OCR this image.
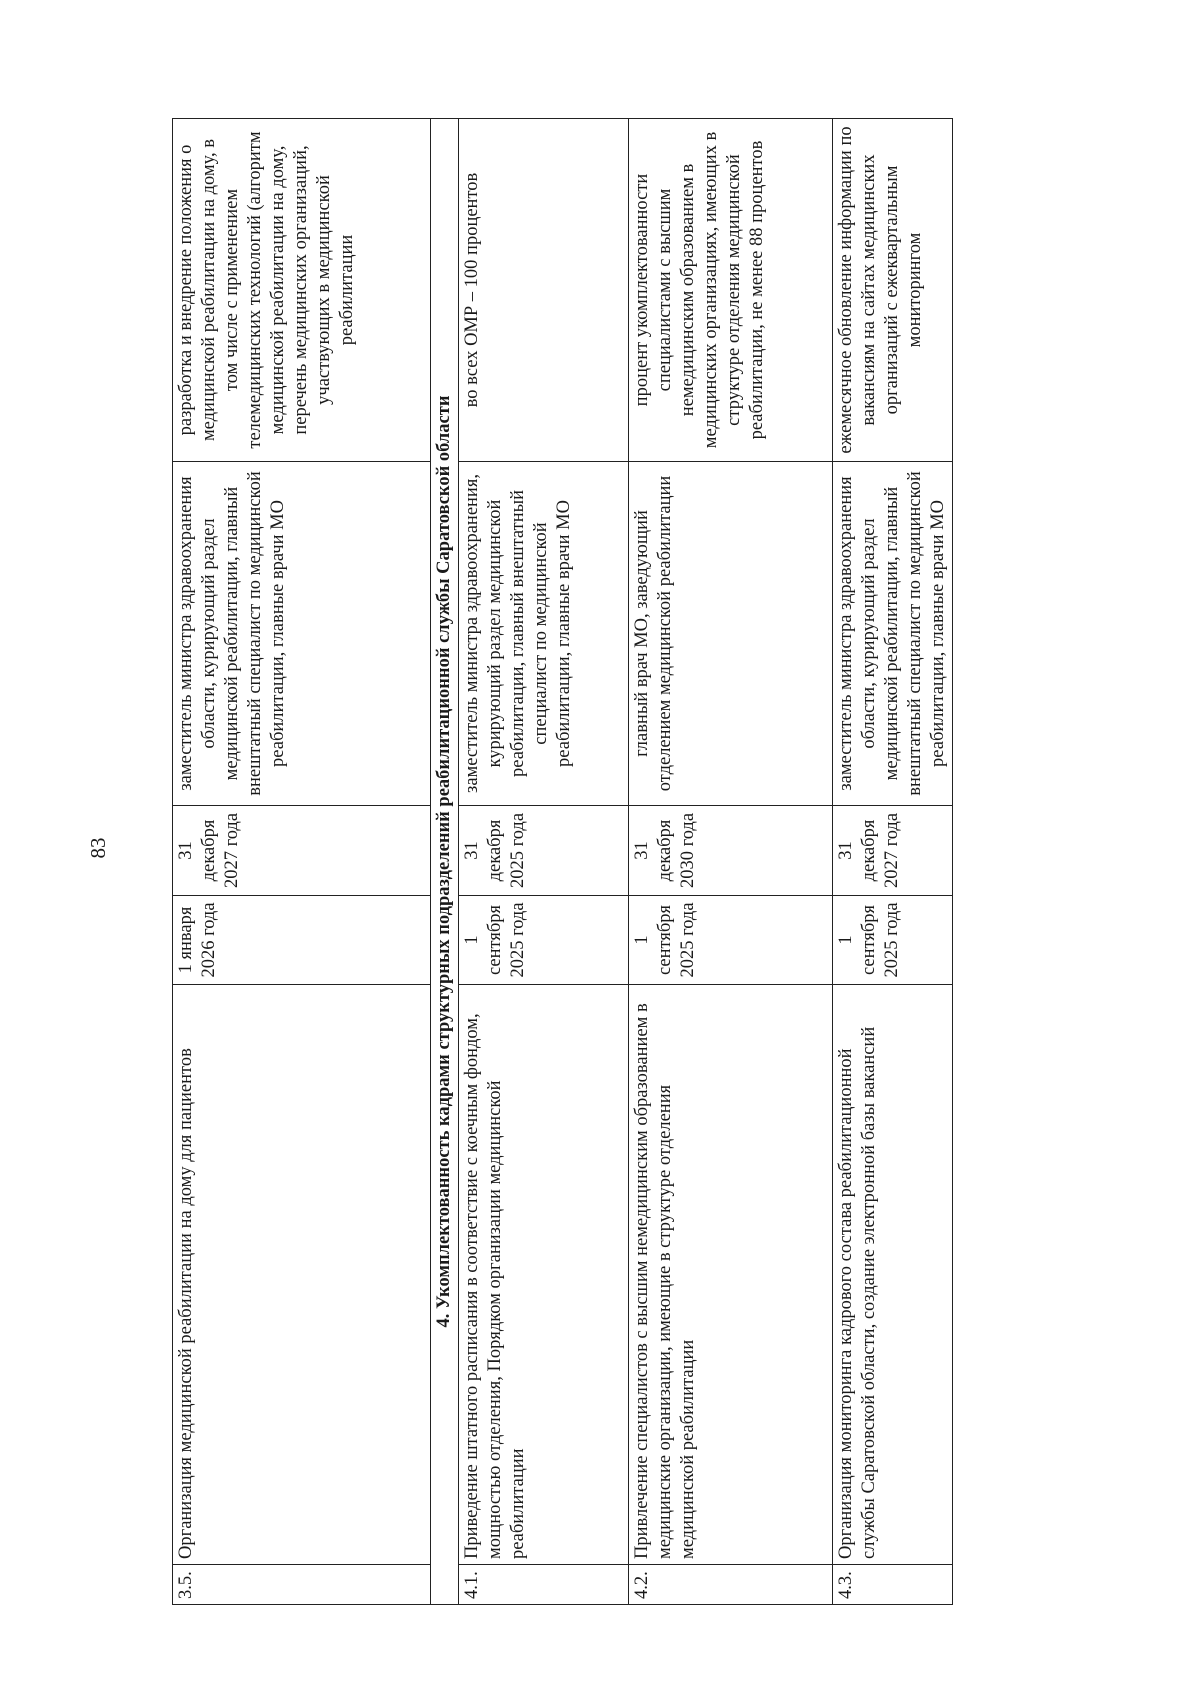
83
3.5.	Организация медицинской реабилитации на дому для пациентов	1 января 2026 года	31 декабря 2027 года	заместитель министра здравоохранения области, курирующий раздел медицинской реабилитации, главный внештатный специалист по медицинской реабилитации, главные врачи МО	разработка и внедрение положения о медицинской реабилитации на дому, в том числе с применением телемедицинских технологий (алгоритм медицинской реабилитации на дому, перечень медицинских организаций, участвующих в медицинской реабилитации
4. Укомплектованность кадрами структурных подразделений реабилитационной службы Саратовской области					
4.1.	Приведение штатного расписания в соответствие с коечным фондом, мощностью отделения, Порядком организации медицинской реабилитации	1 сентября 2025 года	31 декабря 2025 года	заместитель министра здравоохранения, курирующий раздел медицинской реабилитации, главный внештатный специалист по медицинской реабилитации, главные врачи МО	во всех ОМР – 100 процентов
4.2.	Привлечение специалистов с высшим немедицинским образованием в медицинские организации, имеющие в структуре отделения медицинской реабилитации	1 сентября 2025 года	31 декабря 2030 года	главный врач МО, заведующий отделением медицинской реабилитации	процент укомплектованности специалистами с высшим немедицинским образованием в медицинских организациях, имеющих в структуре отделения медицинской реабилитации, не менее 88 процентов
4.3.	Организация мониторинга кадрового состава реабилитационной службы Саратовской области, создание электронной базы вакансий	1 сентября 2025 года	31 декабря 2027 года	заместитель министра здравоохранения области, курирующий раздел медицинской реабилитации, главный внештатный специалист по медицинской реабилитации, главные врачи МО	ежемесячное обновление информации по вакансиям на сайтах медицинских организаций с ежеквартальным мониторингом
